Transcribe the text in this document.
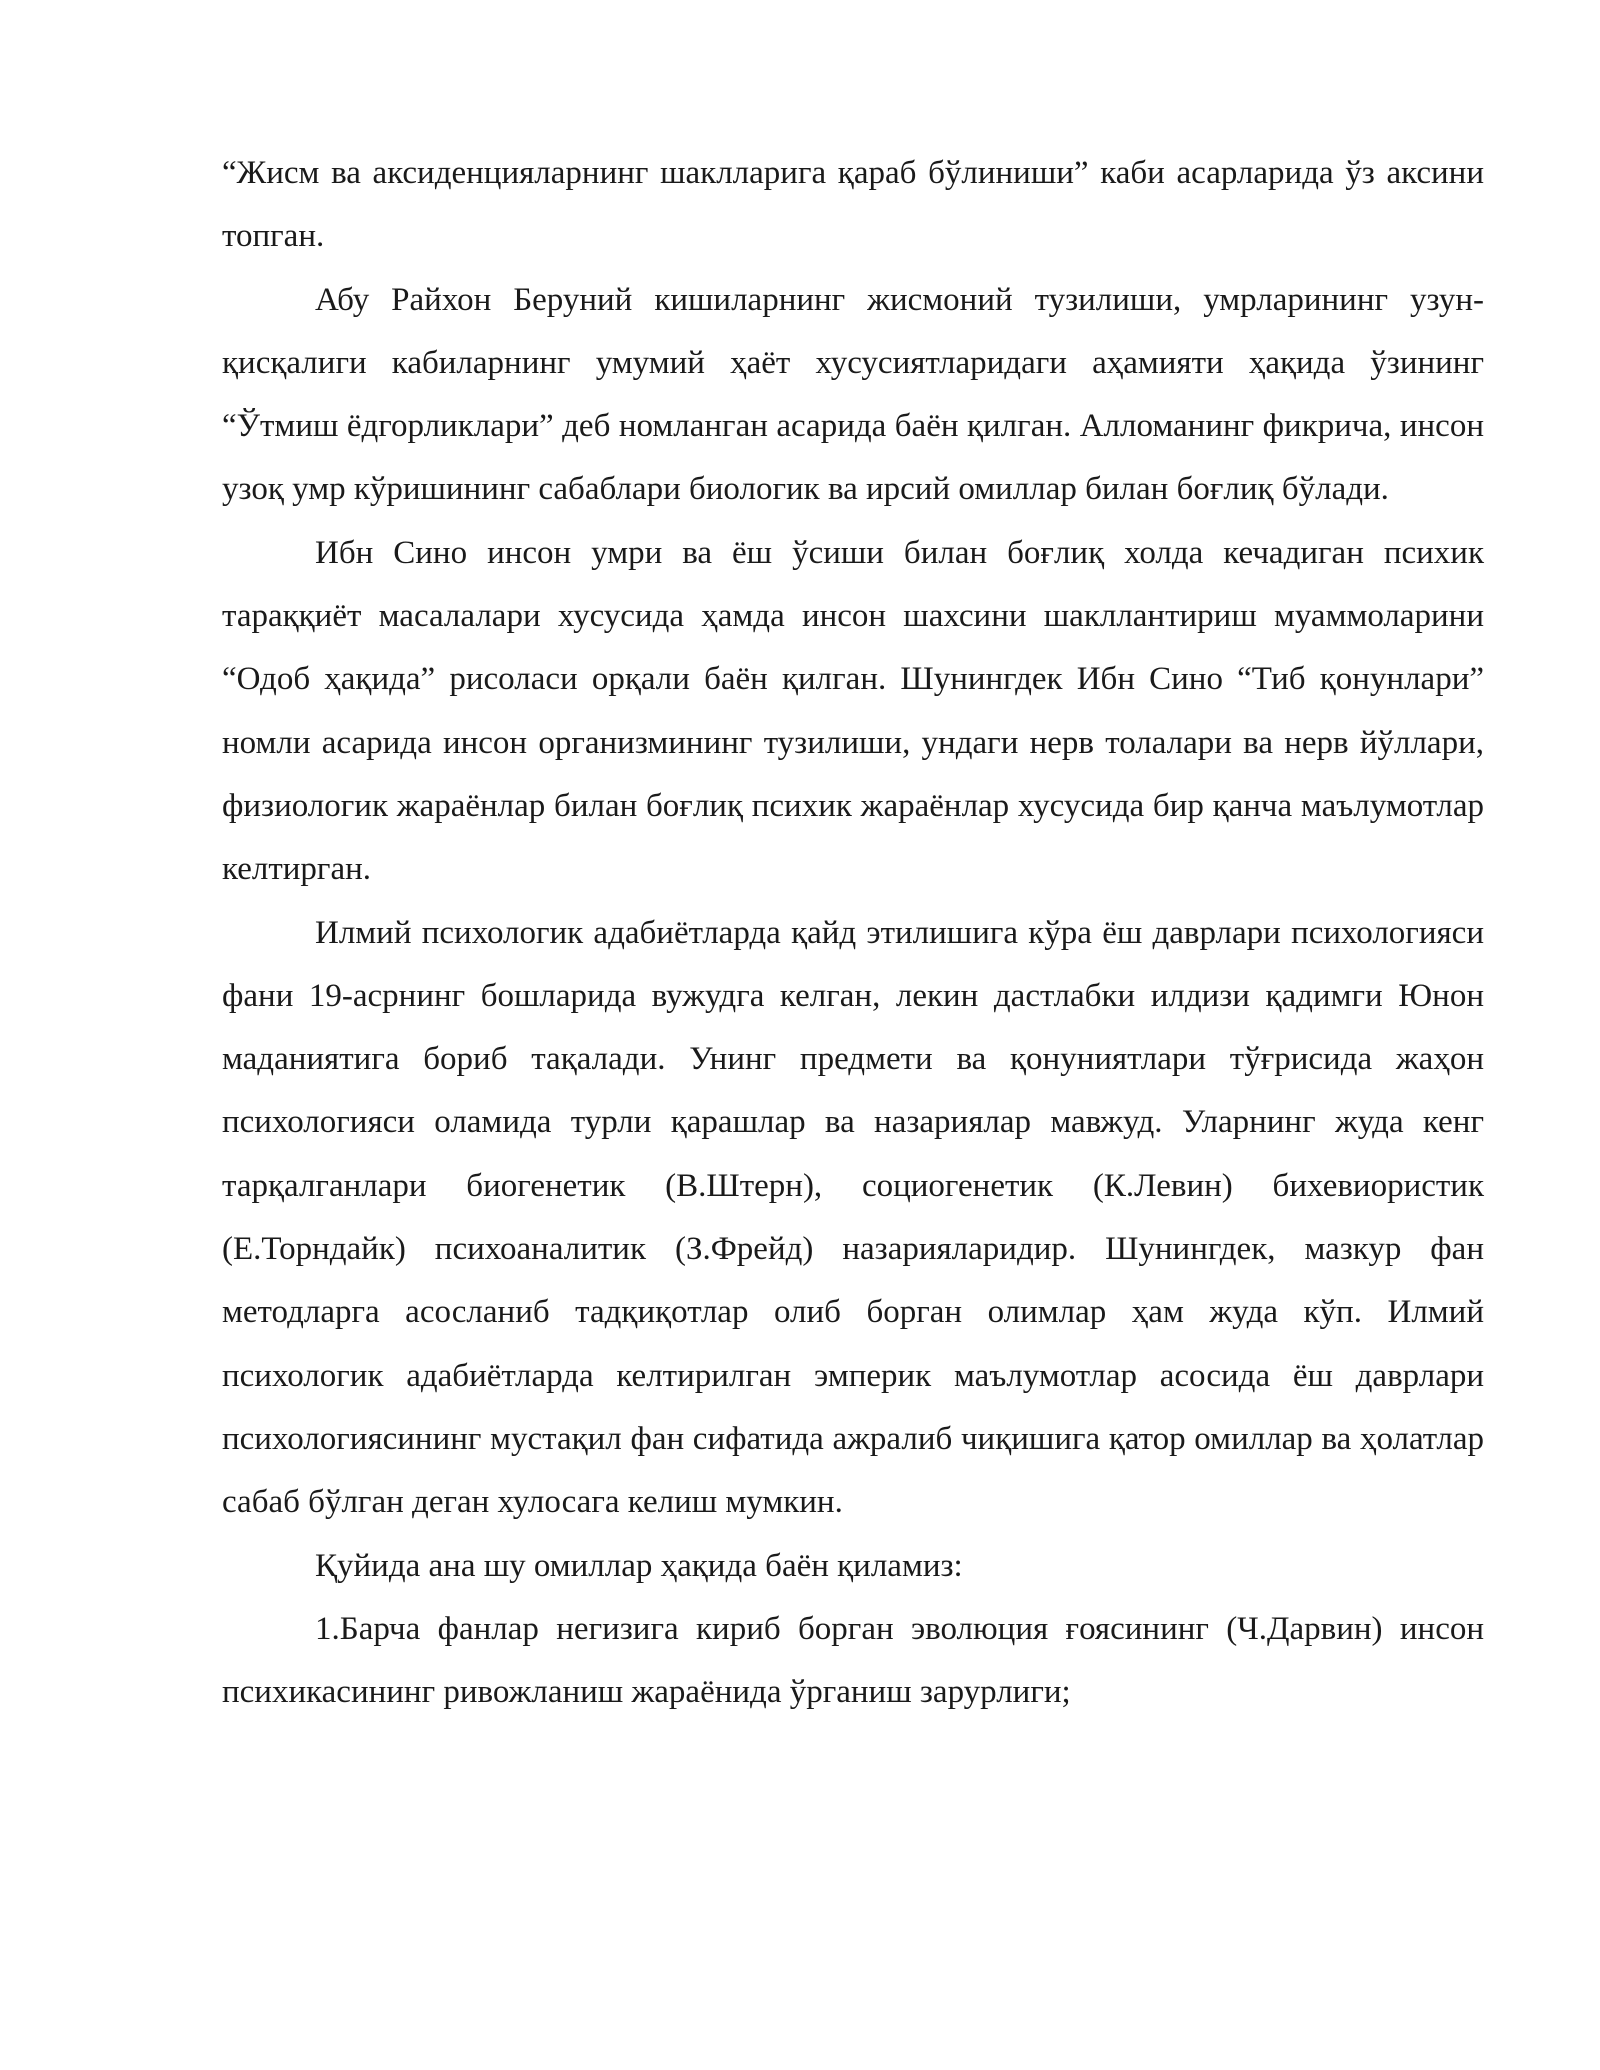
“Жисм ва аксиденцияларнинг шаклларига қараб бўлиниши” каби асарларида ўз аксини топган.

Абу Райхон Беруний кишиларнинг жисмоний тузилиши, умрларининг узун-қисқалиги кабиларнинг умумий ҳаёт хусусиятларидаги аҳамияти ҳақида ўзининг “Ўтмиш ёдгорликлари” деб номланган асарида баён қилган. Алломанинг фикрича, инсон узоқ умр кўришининг сабаблари биологик ва ирсий омиллар билан боғлиқ бўлади.

Ибн Сино инсон умри ва ёш ўсиши билан боғлиқ холда кечадиган психик тараққиёт масалалари хусусида ҳамда инсон шахсини шакллантириш муаммоларини “Одоб ҳақида” рисоласи орқали баён қилган. Шунингдек Ибн Сино “Тиб қонунлари” номли асарида инсон организмининг тузилиши, ундаги нерв толалари ва нерв йўллари, физиологик жараёнлар билан боғлиқ психик жараёнлар хусусида бир қанча маълумотлар келтирган.

Илмий психологик адабиётларда қайд этилишига кўра ёш даврлари психологияси фани 19-асрнинг бошларида вужудга келган, лекин дастлабки илдизи қадимги Юнон маданиятига бориб тақалади. Унинг предмети ва қонуниятлари тўғрисида жаҳон психологияси оламида турли қарашлар ва назариялар мавжуд. Уларнинг жуда кенг тарқалганлари биогенетик (В.Штерн), социогенетик (К.Левин) бихевиористик (Е.Торндайк) психоаналитик (З.Фрейд) назарияларидир. Шунингдек, мазкур фан методларга асосланиб тадқиқотлар олиб борган олимлар ҳам жуда кўп. Илмий психологик адабиётларда келтирилган эмперик маълумотлар асосида ёш даврлари психологиясининг мустақил фан сифатида ажралиб чиқишига қатор омиллар ва ҳолатлар сабаб бўлган деган хулосага келиш мумкин.

Қуйида ана шу омиллар ҳақида баён қиламиз:

1.Барча фанлар негизига кириб борган эволюция ғоясининг (Ч.Дарвин) инсон психикасининг ривожланиш жараёнида ўрганиш зарурлиги;
